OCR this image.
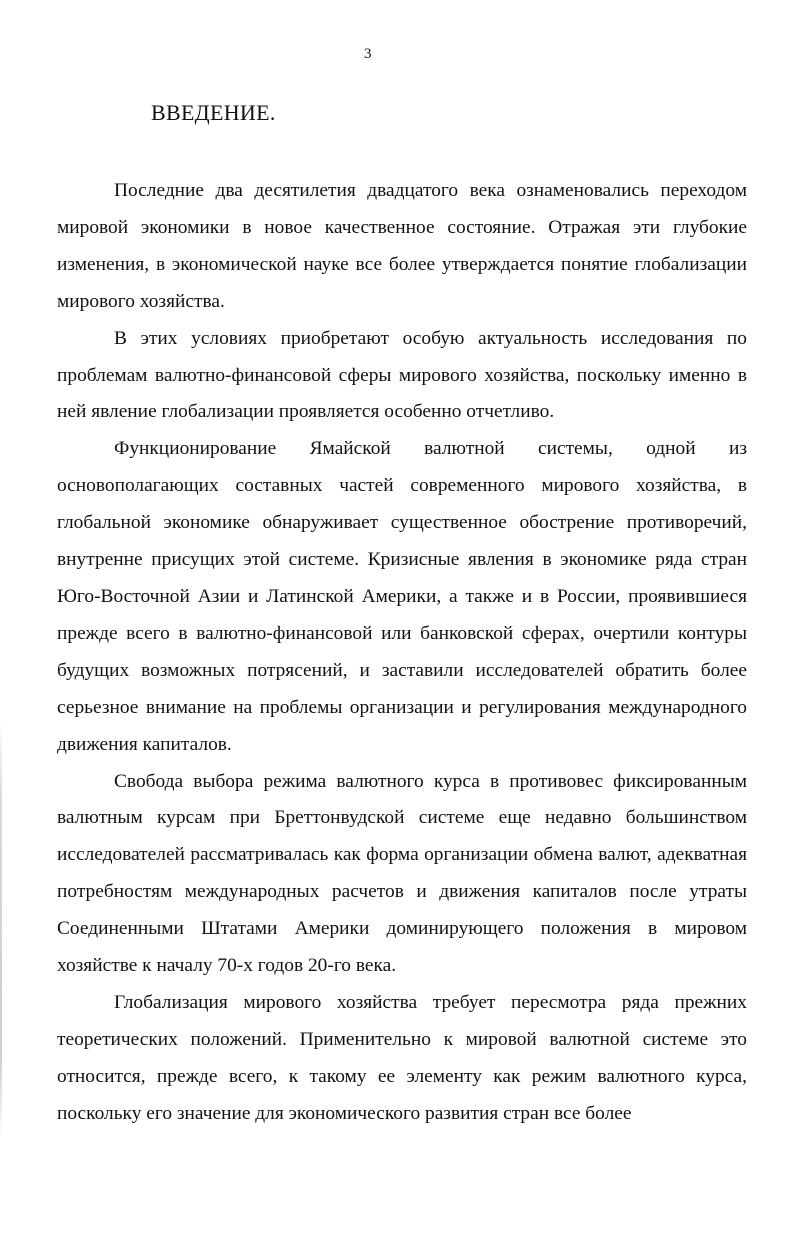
3
ВВЕДЕНИЕ.

Последние два десятилетия двадцатого века ознаменовались переходом мировой экономики в новое качественное состояние. Отражая эти глубокие изменения, в экономической науке все более утверждается понятие глобализации мирового хозяйства.

В этих условиях приобретают особую актуальность исследования по проблемам валютно-финансовой сферы мирового хозяйства, поскольку именно в ней явление глобализации проявляется особенно отчетливо.

Функционирование Ямайской валютной системы, одной из основополагающих составных частей современного мирового хозяйства, в глобальной экономике обнаруживает существенное обострение противоречий, внутренне присущих этой системе. Кризисные явления в экономике ряда стран Юго-Восточной Азии и Латинской Америки, а также и в России, проявившиеся прежде всего в валютно-финансовой или банковской сферах, очертили контуры будущих возможных потрясений, и заставили исследователей обратить более серьезное внимание на проблемы организации и регулирования международного движения капиталов.

Свобода выбора режима валютного курса в противовес фиксированным валютным курсам при Бреттонвудской системе еще недавно большинством исследователей рассматривалась как форма организации обмена валют, адекватная потребностям международных расчетов и движения капиталов после утраты Соединенными Штатами Америки доминирующего положения в мировом хозяйстве к началу 70-х годов 20-го века.

Глобализация мирового хозяйства требует пересмотра ряда прежних теоретических положений. Применительно к мировой валютной системе это относится, прежде всего, к такому ее элементу как режим валютного курса, поскольку его значение для экономического развития стран все более
